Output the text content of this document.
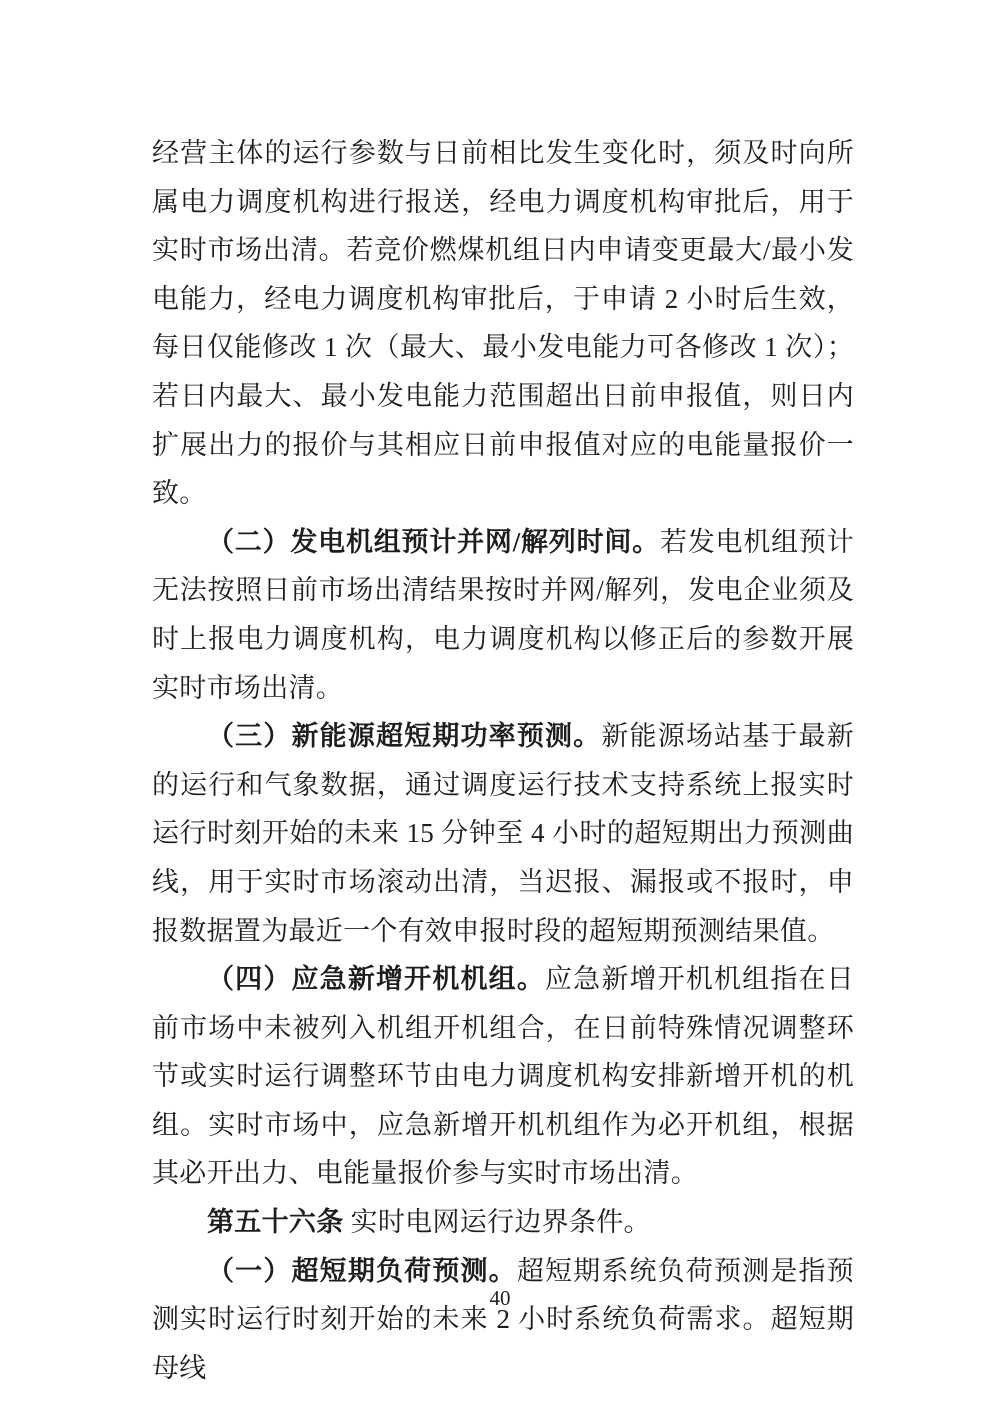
经营主体的运行参数与日前相比发生变化时，须及时向所属电力调度机构进行报送，经电力调度机构审批后，用于实时市场出清。若竞价燃煤机组日内申请变更最大/最小发电能力，经电力调度机构审批后，于申请 2 小时后生效，每日仅能修改 1 次（最大、最小发电能力可各修改 1 次）；若日内最大、最小发电能力范围超出日前申报值，则日内扩展出力的报价与其相应日前申报值对应的电能量报价一致。

（二）发电机组预计并网/解列时间。若发电机组预计无法按照日前市场出清结果按时并网/解列，发电企业须及时上报电力调度机构，电力调度机构以修正后的参数开展实时市场出清。

（三）新能源超短期功率预测。新能源场站基于最新的运行和气象数据，通过调度运行技术支持系统上报实时运行时刻开始的未来 15 分钟至 4 小时的超短期出力预测曲线，用于实时市场滚动出清，当迟报、漏报或不报时，申报数据置为最近一个有效申报时段的超短期预测结果值。

（四）应急新增开机机组。应急新增开机机组指在日前市场中未被列入机组开机组合，在日前特殊情况调整环节或实时运行调整环节由电力调度机构安排新增开机的机组。实时市场中，应急新增开机机组作为必开机组，根据其必开出力、电能量报价参与实时市场出清。

第五十六条 实时电网运行边界条件。

（一）超短期负荷预测。超短期系统负荷预测是指预测实时运行时刻开始的未来 2 小时系统负荷需求。超短期母线

40
